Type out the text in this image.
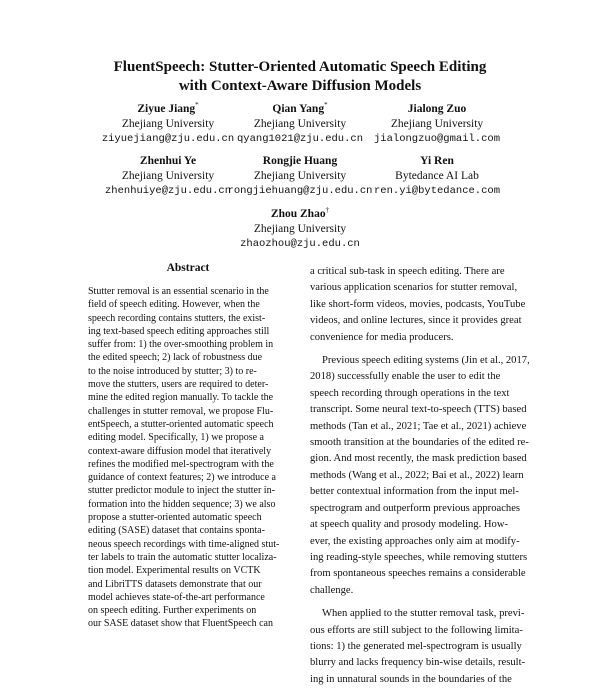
FluentSpeech: Stutter-Oriented Automatic Speech Editing
with Context-Aware Diffusion Models
Ziyue Jiang*
Zhejiang University
ziyuejiang@zju.edu.cn
Qian Yang*
Zhejiang University
qyang1021@zju.edu.cn
Jialong Zuo
Zhejiang University
jialongzuo@gmail.com
Zhenhui Ye
Zhejiang University
zhenhuiye@zju.edu.cn
Rongjie Huang
Zhejiang University
rongjiehuang@zju.edu.cn
Yi Ren
Bytedance AI Lab
ren.yi@bytedance.com
Zhou Zhao†
Zhejiang University
zhaozhou@zju.edu.cn
Abstract
Stutter removal is an essential scenario in the
field of speech editing. However, when the
speech recording contains stutters, the exist-
ing text-based speech editing approaches still
suffer from: 1) the over-smoothing problem in
the edited speech; 2) lack of robustness due
to the noise introduced by stutter; 3) to re-
move the stutters, users are required to deter-
mine the edited region manually. To tackle the
challenges in stutter removal, we propose Flu-
entSpeech, a stutter-oriented automatic speech
editing model. Specifically, 1) we propose a
context-aware diffusion model that iteratively
refines the modified mel-spectrogram with the
guidance of context features; 2) we introduce a
stutter predictor module to inject the stutter in-
formation into the hidden sequence; 3) we also
propose a stutter-oriented automatic speech
editing (SASE) dataset that contains sponta-
neous speech recordings with time-aligned stut-
ter labels to train the automatic stutter localiza-
tion model. Experimental results on VCTK
and LibriTTS datasets demonstrate that our
model achieves state-of-the-art performance
on speech editing. Further experiments on
our SASE dataset show that FluentSpeech can
a critical sub-task in speech editing. There are
various application scenarios for stutter removal,
like short-form videos, movies, podcasts, YouTube
videos, and online lectures, since it provides great
convenience for media producers.
Previous speech editing systems (Jin et al., 2017,
2018) successfully enable the user to edit the
speech recording through operations in the text
transcript. Some neural text-to-speech (TTS) based
methods (Tan et al., 2021; Tae et al., 2021) achieve
smooth transition at the boundaries of the edited re-
gion. And most recently, the mask prediction based
methods (Wang et al., 2022; Bai et al., 2022) learn
better contextual information from the input mel-
spectrogram and outperform previous approaches
at speech quality and prosody modeling. How-
ever, the existing approaches only aim at modify-
ing reading-style speeches, while removing stutters
from spontaneous speeches remains a considerable
challenge.
When applied to the stutter removal task, previ-
ous efforts are still subject to the following limita-
tions: 1) the generated mel-spectrogram is usually
blurry and lacks frequency bin-wise details, result-
ing in unnatural sounds in the boundaries of the
